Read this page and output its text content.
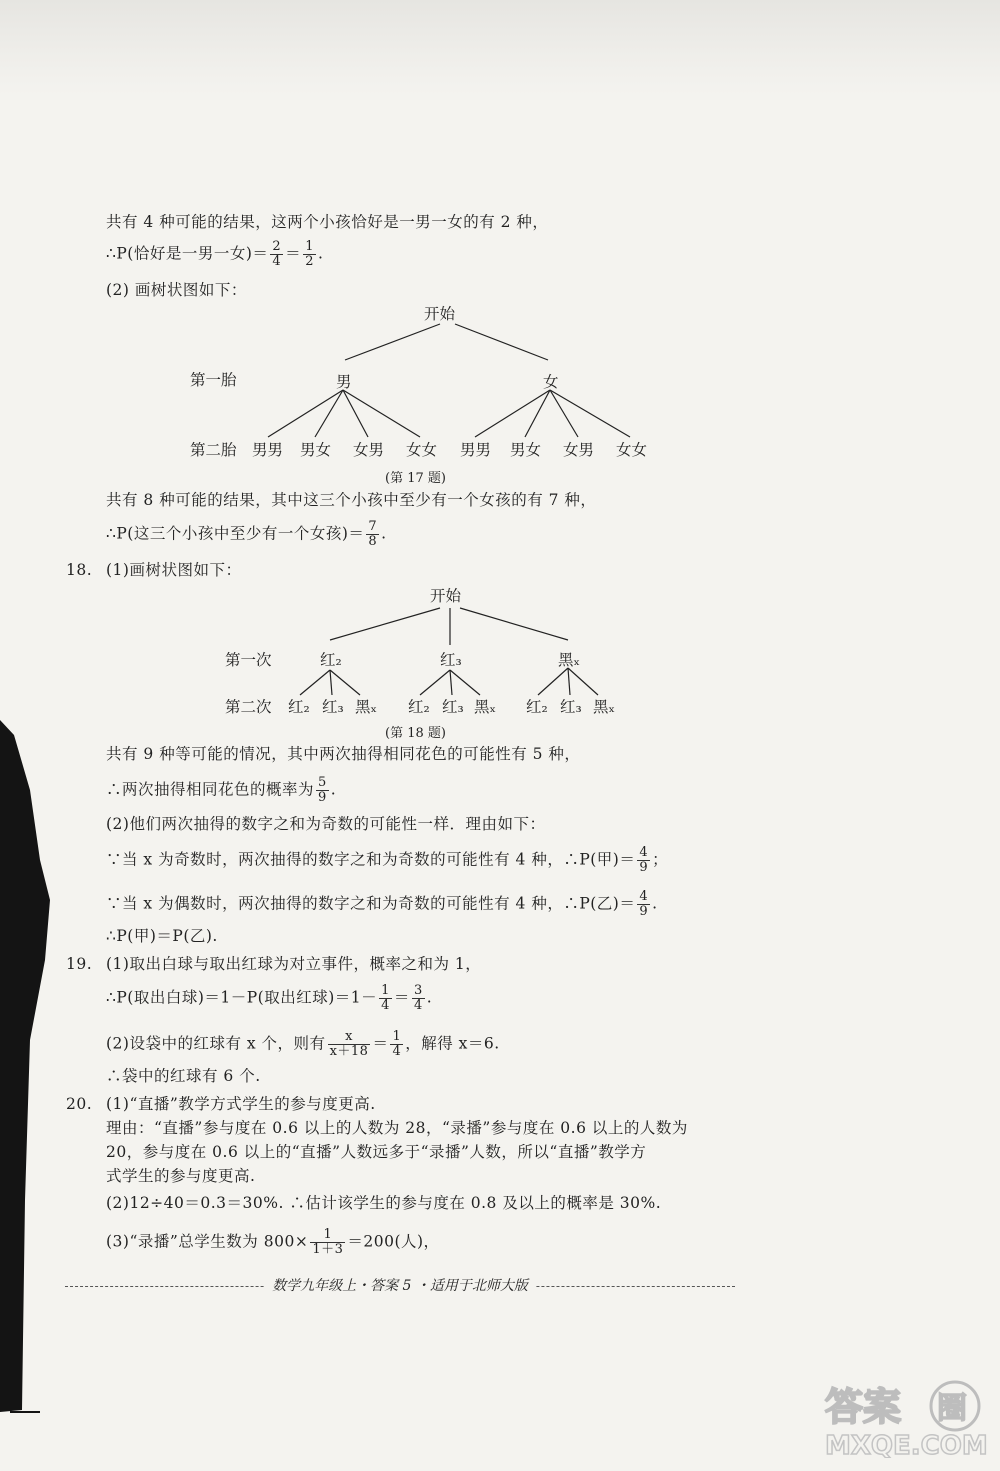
共有 4 种可能的结果，这两个小孩恰好是一男一女的有 2 种，
∴P(恰好是一男一女)＝ $\frac{2}{4} = \frac{1}{2}$ .
(2) 画树状图如下：
开始
第一胎	男	女
第二胎 男男 男女 女男 女女 男男 男女 女男 女女
(第 17 题)
共有 8 种可能的结果，其中这三个小孩中至少有一个女孩的有 7 种，
∴P(这三个小孩中至少有一个女孩)＝ $\frac{7}{8}$ .
18. (1)画树状图如下：
开始
第一次	红₂	红₃	黑ₓ
第二次 红₂ 红₃ 黑ₓ 红₂ 红₃ 黑ₓ 红₂ 红₃ 黑ₓ
(第 18 题)
共有 9 种等可能的情况，其中两次抽得相同花色的可能性有 5 种，
∴两次抽得相同花色的概率为 $\frac{5}{9}$ .
(2)他们两次抽得的数字之和为奇数的可能性一样．理由如下：
∵当 x 为奇数时，两次抽得的数字之和为奇数的可能性有 4 种，∴P(甲)＝ $\frac{4}{9}$ ；
∵当 x 为偶数时，两次抽得的数字之和为奇数的可能性有 4 种，∴P(乙)＝ $\frac{4}{9}$ .
∴P(甲)＝P(乙).
19. (1)取出白球与取出红球为对立事件，概率之和为 1，
∴P(取出白球)＝1－P(取出红球)$=1- \frac{1}{4} = \frac{3}{4}$ .
(2)设袋中的红球有 x 个，则有 $\frac{x}{x+18} = \frac{1}{4}$ ，解得 x＝6.
∴袋中的红球有 6 个.
20. (1)“直播”教学方式学生的参与度更高.
理由：“直播”参与度在 0.6 以上的人数为 28，“录播”参与度在 0.6 以上的人数为
20，参与度在 0.6 以上的“直播”人数远多于“录播”人数，所以“直播”教学方
式学生的参与度更高.
(2)12÷40＝0.3＝30%. ∴估计该学生的参与度在 0.8 及以上的概率是 30%.
(3)“录播”总学生数为 $800\times \frac{1}{1+3} =200$(人)，
数学九年级上・答案 5 ・适用于北师大版
答案 圈
MXQE.COM
